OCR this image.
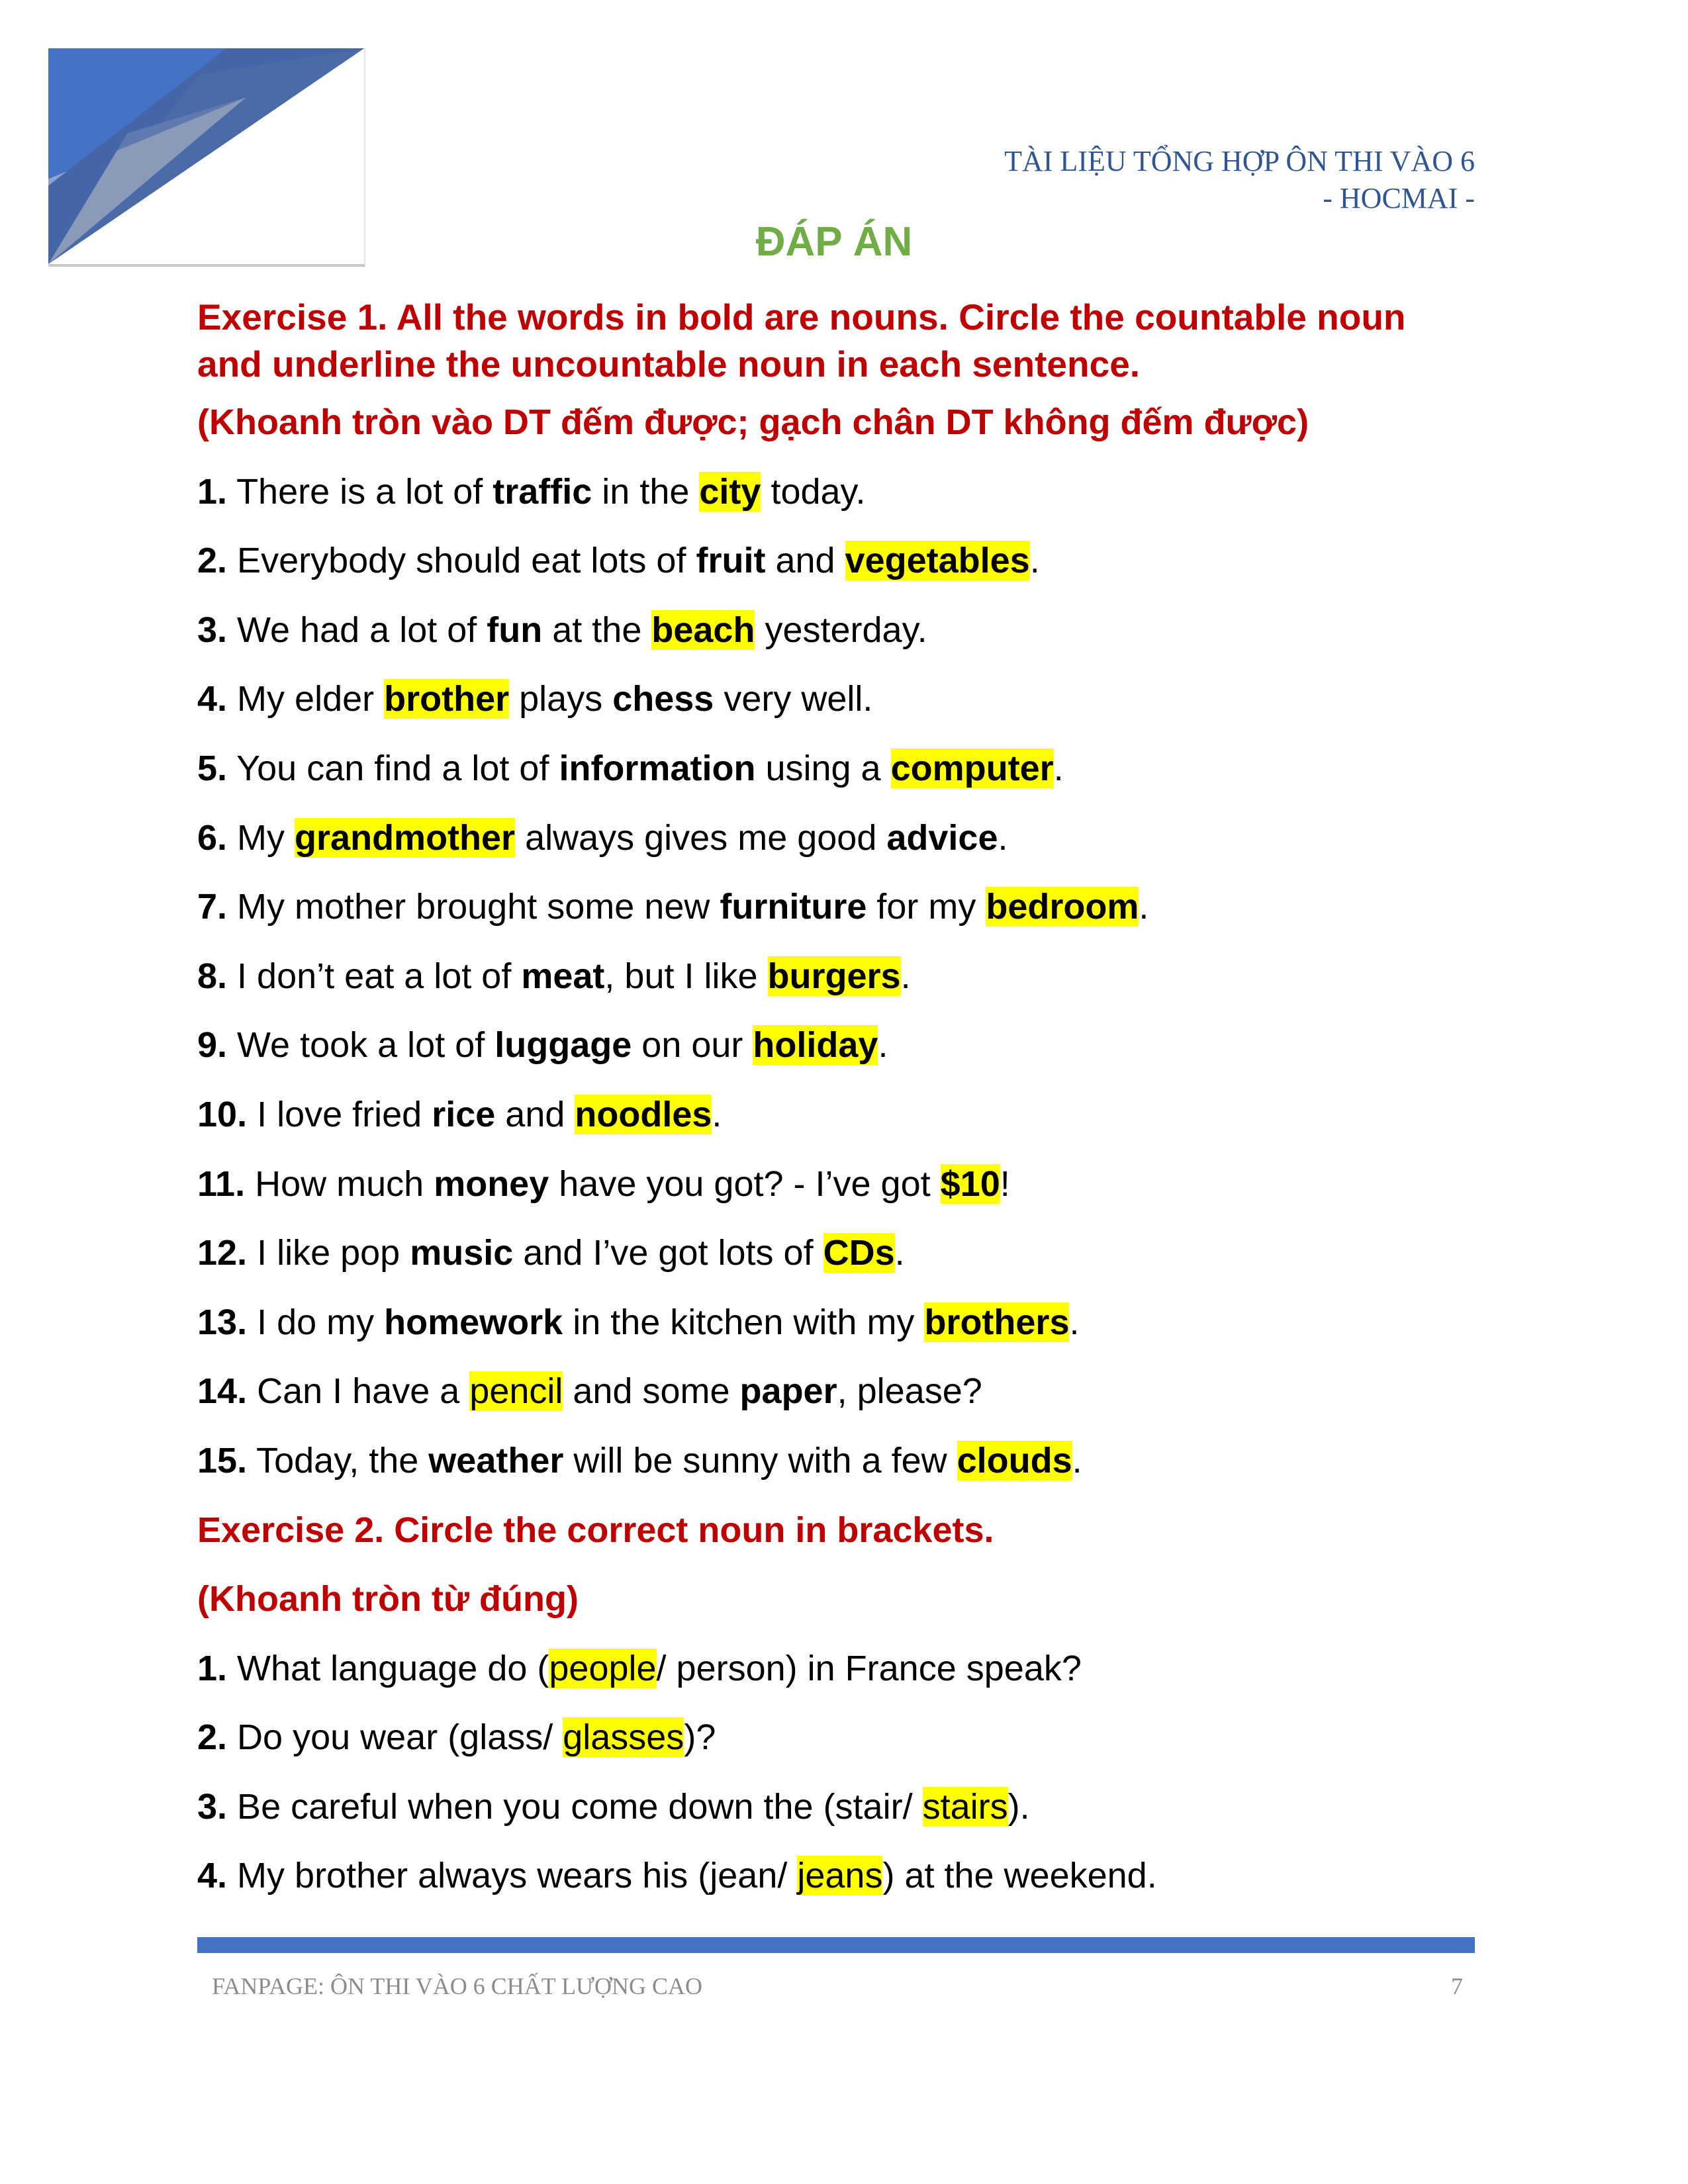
TÀI LIỆU TỔNG HỢP ÔN THI VÀO 6
- HOCMAI -
ĐÁP ÁN
Exercise 1. All the words in bold are nouns. Circle the countable noun
and underline the uncountable noun in each sentence.
(Khoanh tròn vào DT đếm được; gạch chân DT không đếm được)
1. There is a lot of traffic in the city today.
2. Everybody should eat lots of fruit and vegetables.
3. We had a lot of fun at the beach yesterday.
4. My elder brother plays chess very well.
5. You can find a lot of information using a computer.
6. My grandmother always gives me good advice.
7. My mother brought some new furniture for my bedroom.
8. I don’t eat a lot of meat, but I like burgers.
9. We took a lot of luggage on our holiday.
10. I love fried rice and noodles.
11. How much money have you got? - I’ve got $10!
12. I like pop music and I’ve got lots of CDs.
13. I do my homework in the kitchen with my brothers.
14. Can I have a pencil and some paper, please?
15. Today, the weather will be sunny with a few clouds.
Exercise 2. Circle the correct noun in brackets.
(Khoanh tròn từ đúng)
1. What language do (people/ person) in France speak?
2. Do you wear (glass/ glasses)?
3. Be careful when you come down the (stair/ stairs).
4. My brother always wears his (jean/ jeans) at the weekend.
FANPAGE: ÔN THI VÀO 6 CHẤT LƯỢNG CAO	7
